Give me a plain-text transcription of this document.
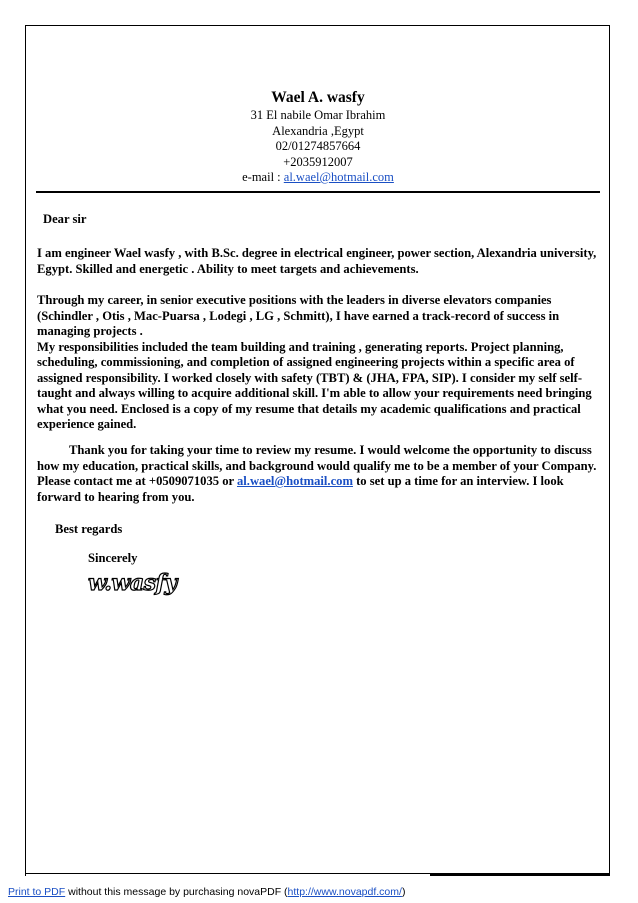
Wael A. wasfy
31 El nabile Omar Ibrahim
Alexandria ,Egypt
02/01274857664
+2035912007
e-mail : al.wael@hotmail.com
Dear sir
I am engineer Wael wasfy , with B.Sc. degree in electrical engineer, power section, Alexandria university, Egypt. Skilled and energetic . Ability to meet targets and achievements.
Through my career, in senior executive positions with the leaders in diverse elevators companies (Schindler , Otis , Mac-Puarsa , Lodegi , LG , Schmitt), I have earned a track-record of success in managing projects .
My responsibilities included the team building and training , generating reports. Project planning, scheduling, commissioning, and completion of assigned engineering projects within a specific area of assigned responsibility. I worked closely with safety (TBT) & (JHA, FPA, SIP). I consider my self self-taught and always willing to acquire additional skill. I'm able to allow your requirements need bringing what you need. Enclosed is a copy of my resume that details my academic qualifications and practical experience gained.
Thank you for taking your time to review my resume. I would welcome the opportunity to discuss how my education, practical skills, and background would qualify me to be a member of your Company. Please contact me at +0509071035 or al.wael@hotmail.com to set up a time for an interview. I look forward to hearing from you.
Best regards
Sincerely
w.wasfy
Print to PDF without this message by purchasing novaPDF (http://www.novapdf.com/)
